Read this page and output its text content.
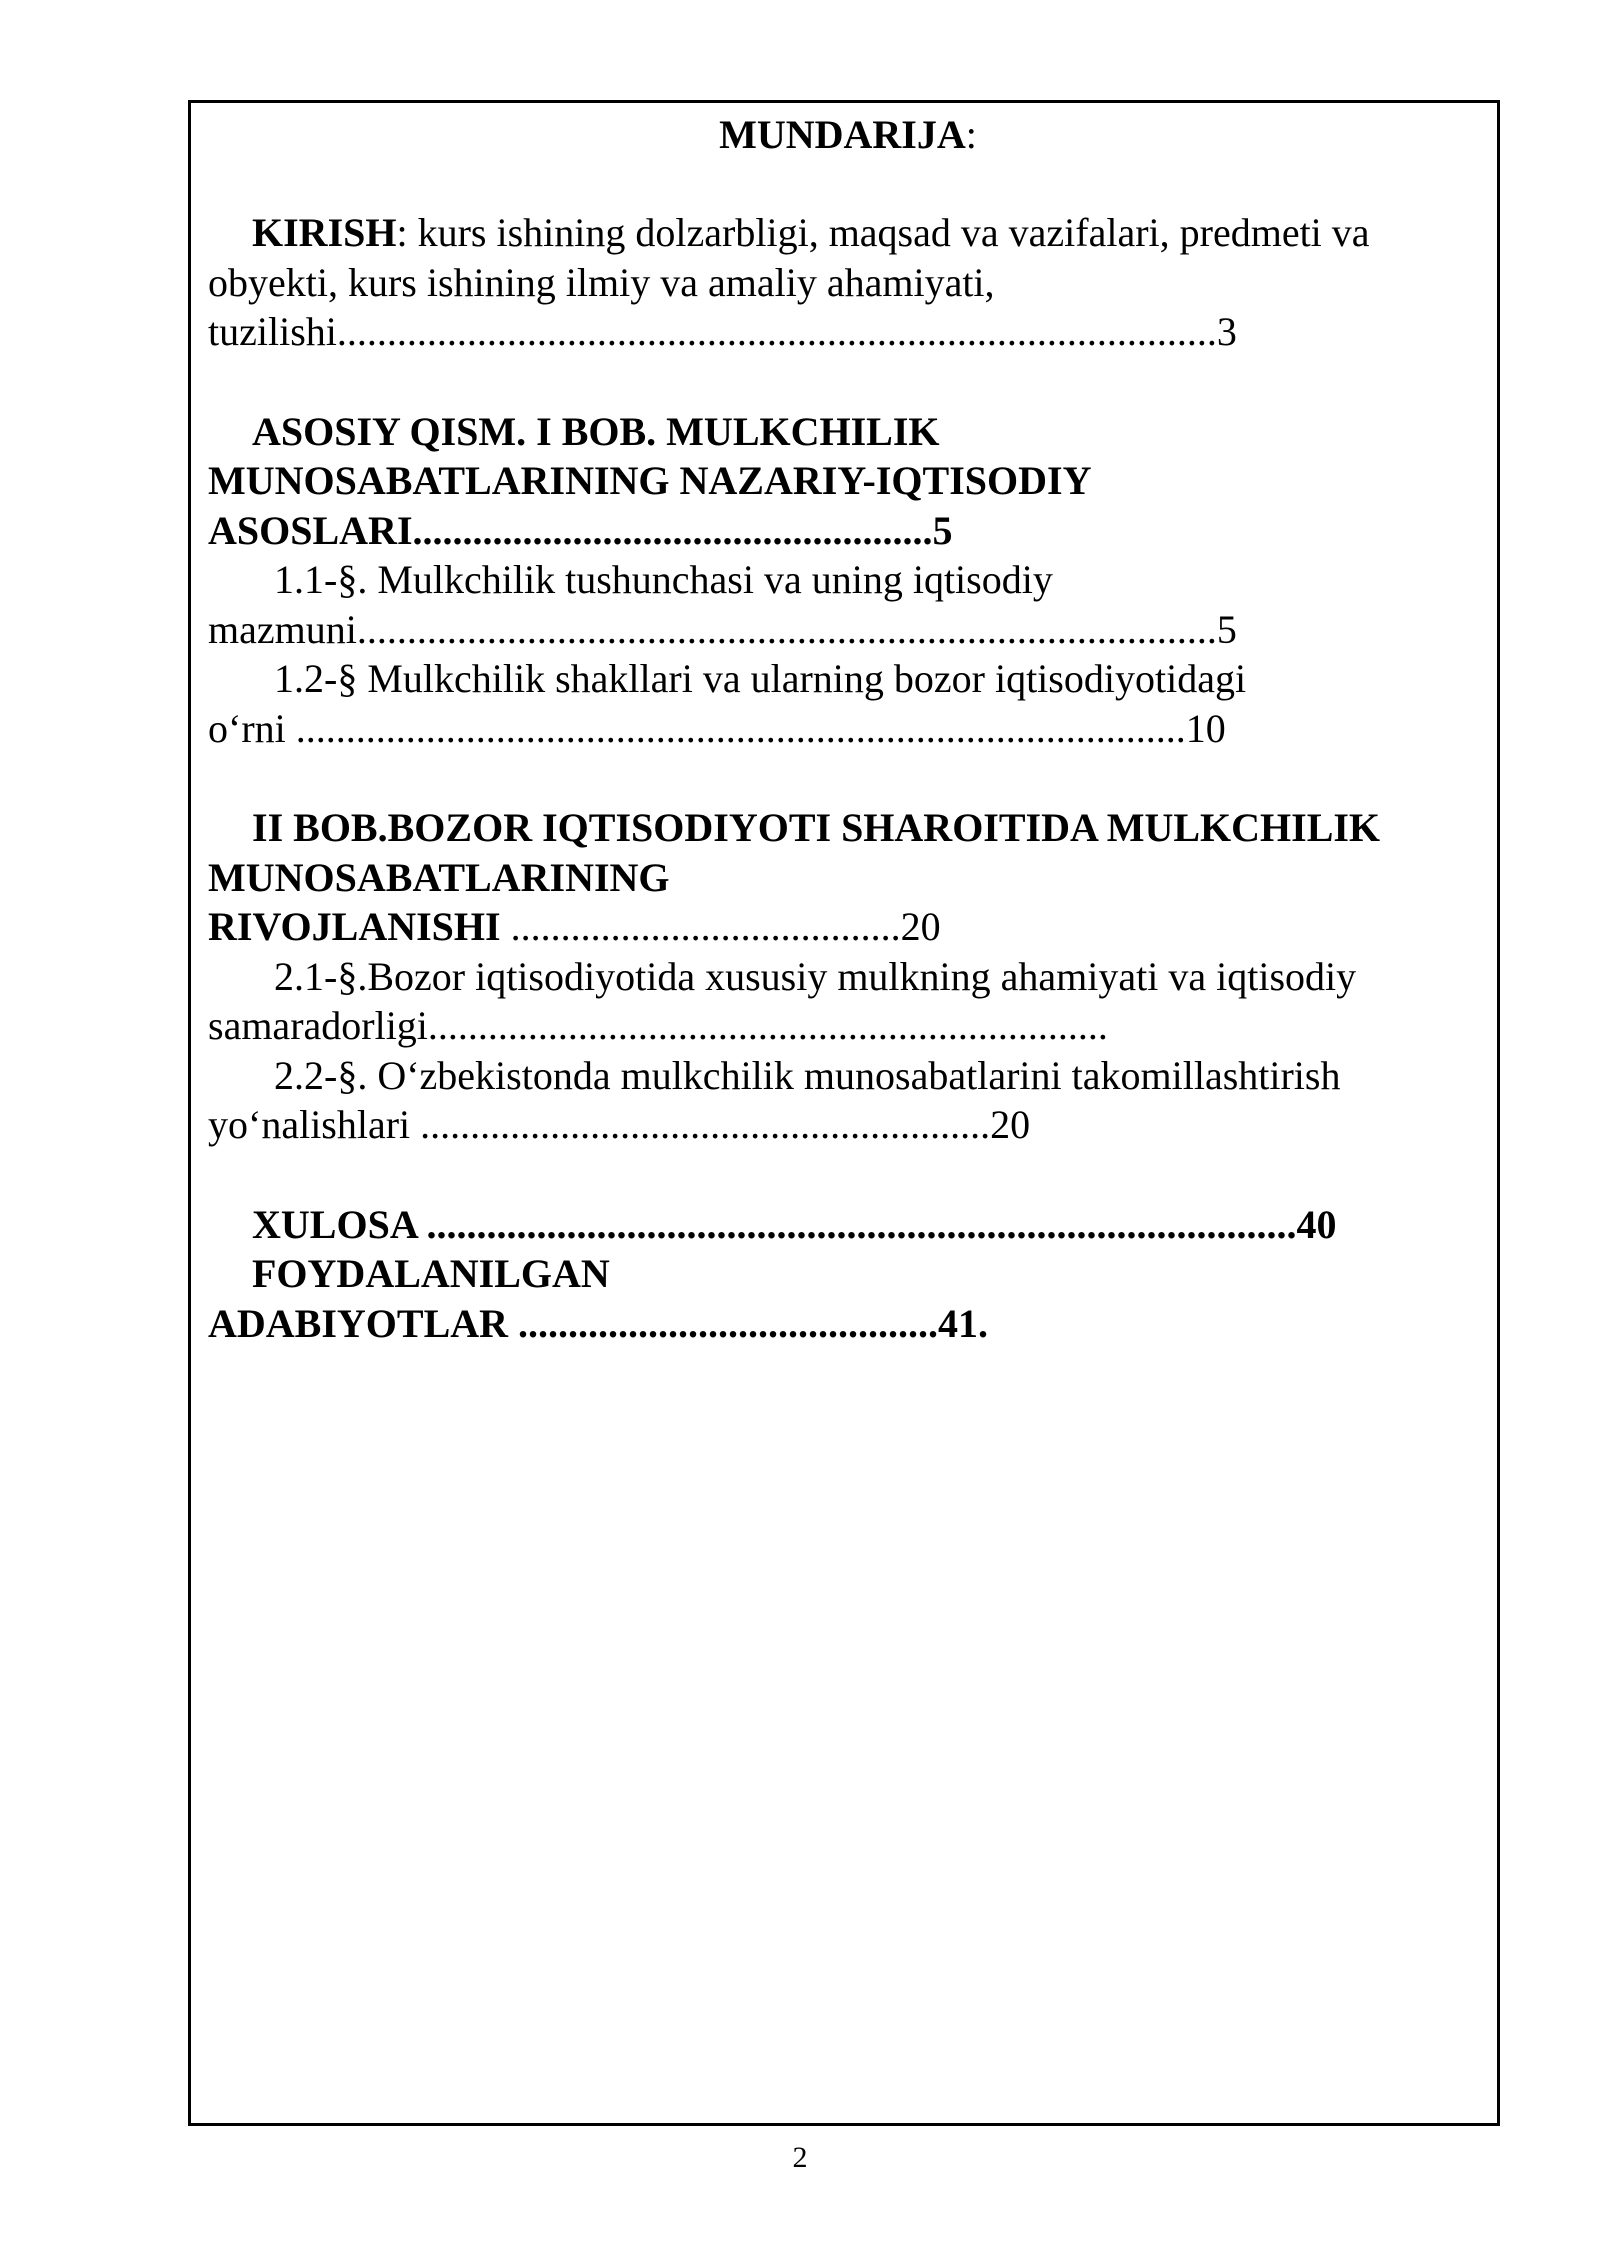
MUNDARIJA:

KIRISH: kurs ishining dolzarbligi, maqsad va vazifalari, predmeti va

obyekti, kurs ishining ilmiy va amaliy ahamiyati,

tuzilishi........................................................................................3

ASOSIY QISM. I BOB. MULKCHILIK

MUNOSABATLARINING NAZARIY-IQTISODIY

ASOSLARI....................................................5

1.1-§. Mulkchilik tushunchasi va uning iqtisodiy

mazmuni......................................................................................5

1.2-§ Mulkchilik shakllari va ularning bozor iqtisodiyotidagi

o‘rni .........................................................................................10

II BOB.BOZOR IQTISODIYOTI SHAROITIDA MULKCHILIK

MUNOSABATLARINING

RIVOJLANISHI .......................................20

2.1-§.Bozor iqtisodiyotida xususiy mulkning ahamiyati va iqtisodiy

samaradorligi....................................................................

2.2-§. O‘zbekistonda mulkchilik munosabatlarini takomillashtirish

yo‘nalishlari .........................................................20

XULOSA .......................................................................................40

FOYDALANILGAN

ADABIYOTLAR ..........................................41.

2
